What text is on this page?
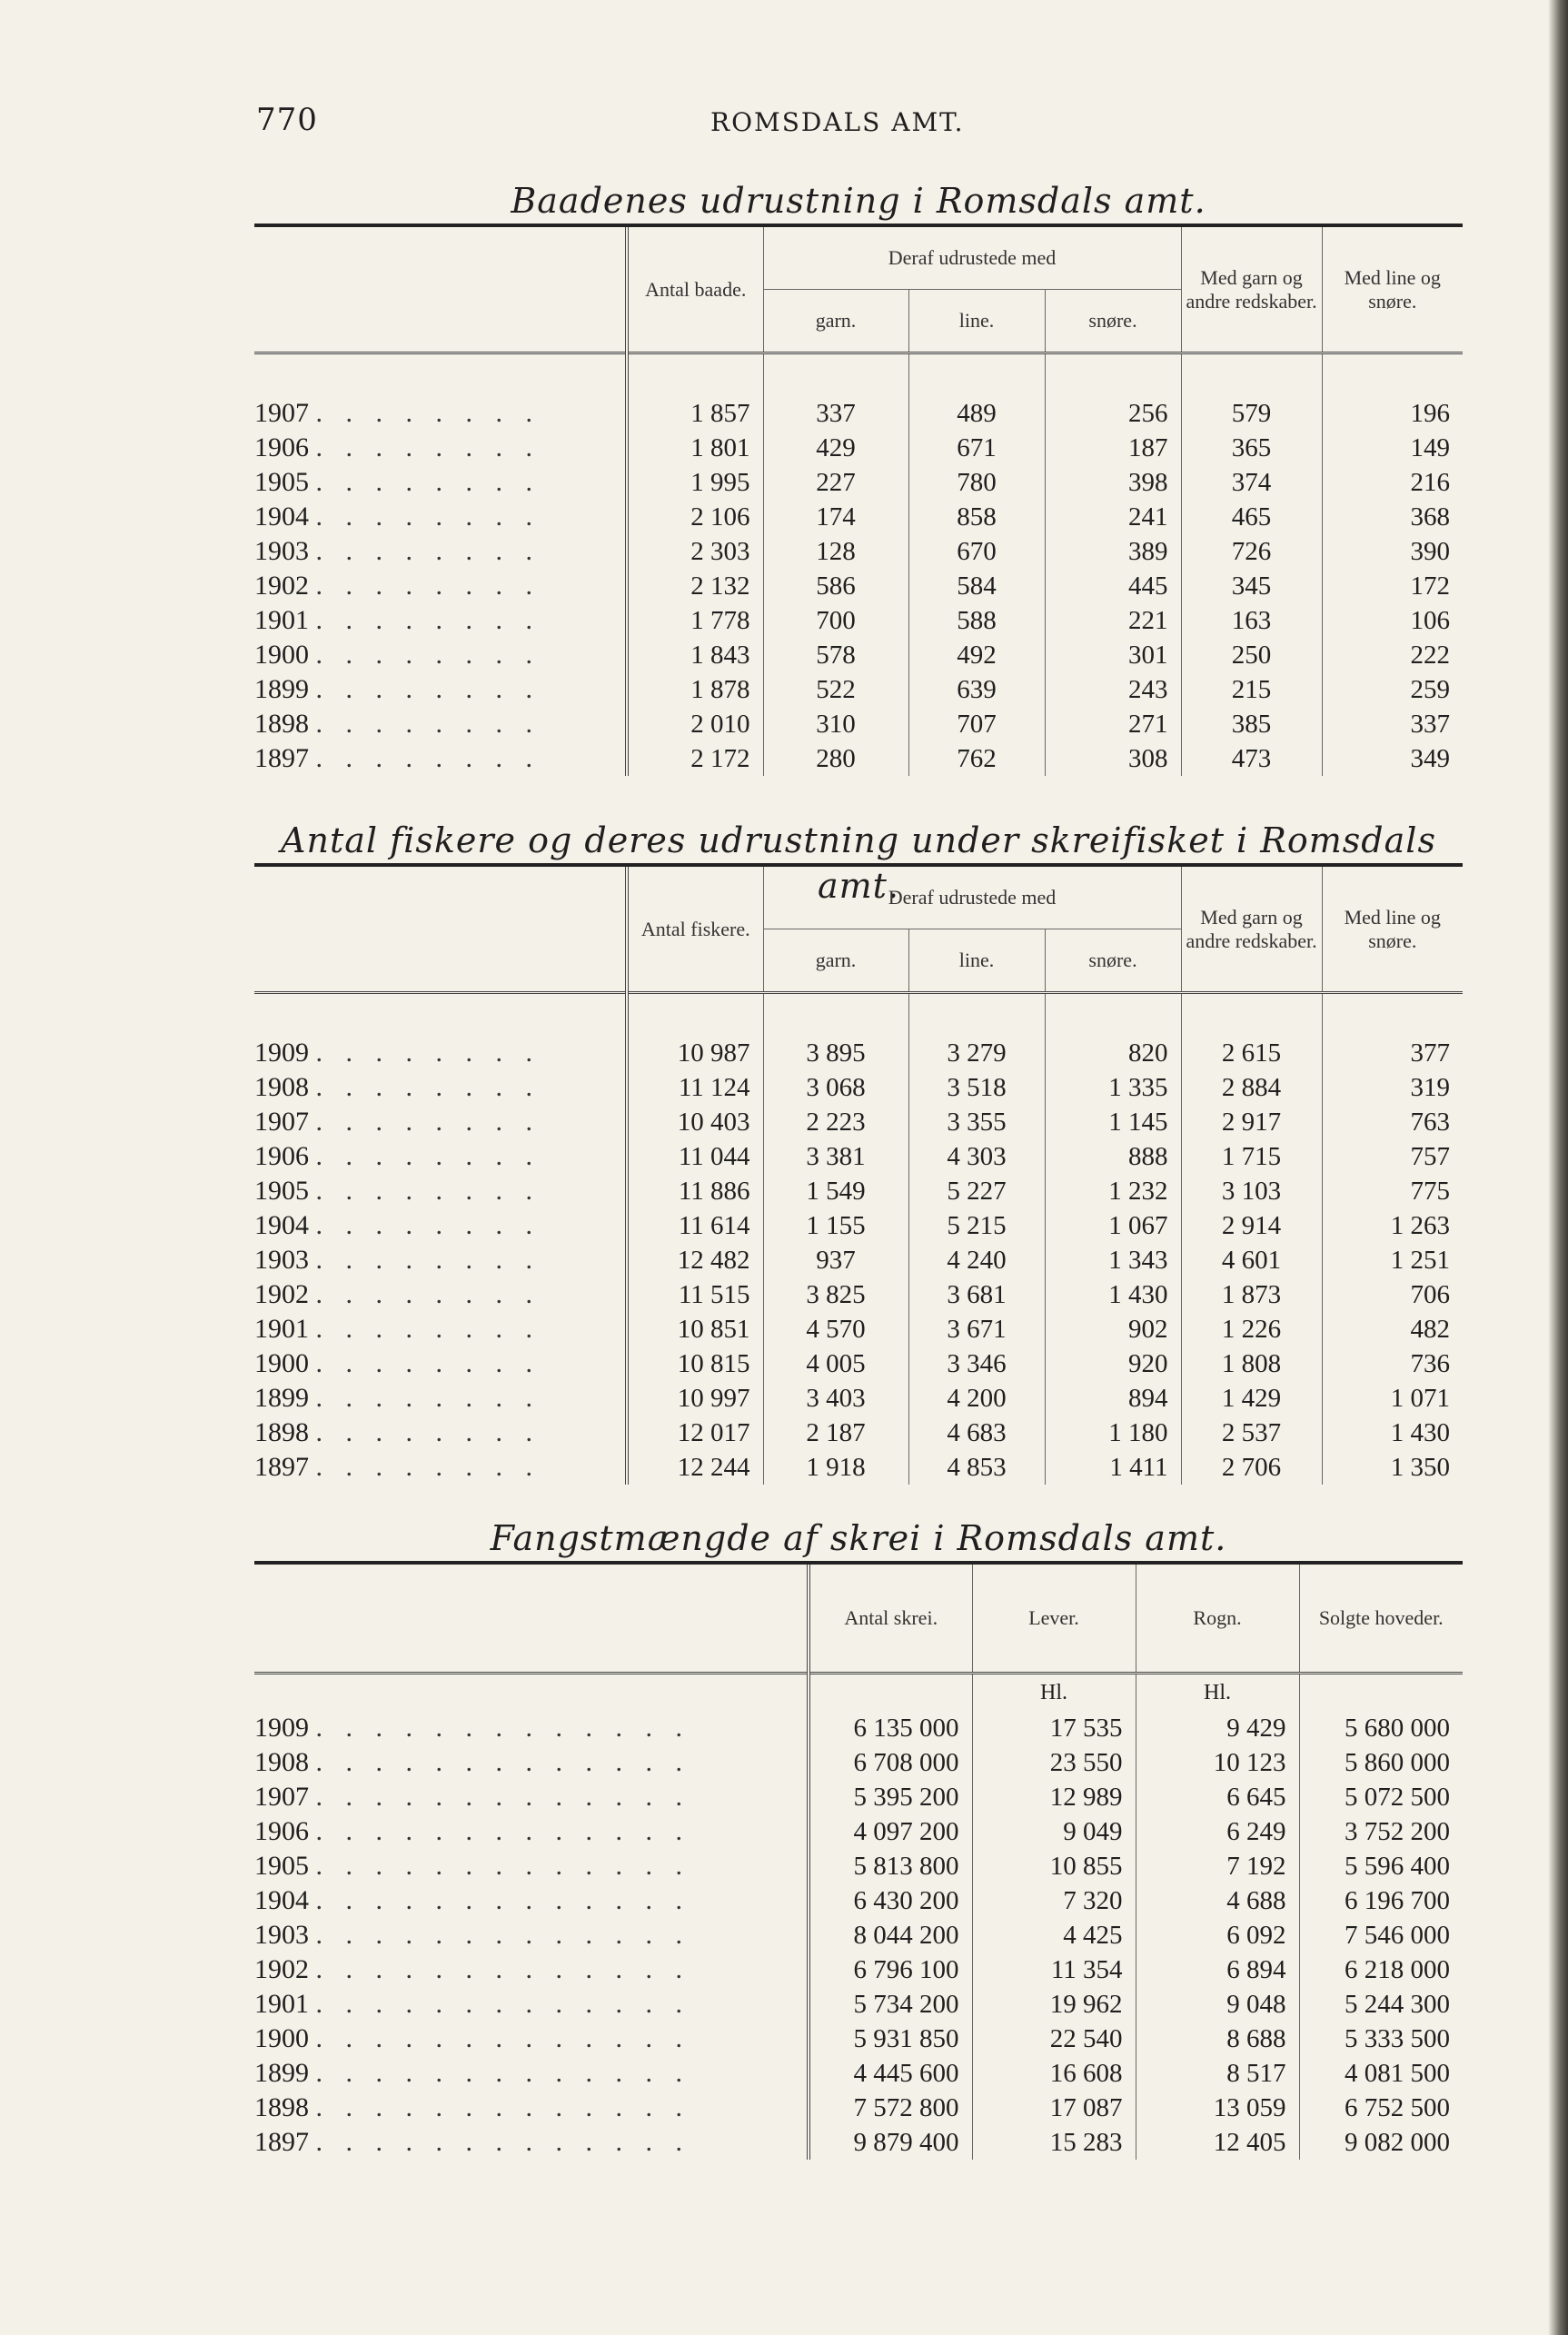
770	ROMSDALS AMT.
Baadenes udrustning i Romsdals amt.
	Antal baade.	Deraf udrustede med			Med garn og andre redskaber.	Med line og snøre.
		garn.	line.	snøre.		

1907 . . . . . . . .	1 857	337	489	256	579	196
1906 . . . . . . . .	1 801	429	671	187	365	149
1905 . . . . . . . .	1 995	227	780	398	374	216
1904 . . . . . . . .	2 106	174	858	241	465	368
1903 . . . . . . . .	2 303	128	670	389	726	390
1902 . . . . . . . .	2 132	586	584	445	345	172
1901 . . . . . . . .	1 778	700	588	221	163	106
1900 . . . . . . . .	1 843	578	492	301	250	222
1899 . . . . . . . .	1 878	522	639	243	215	259
1898 . . . . . . . .	2 010	310	707	271	385	337
1897 . . . . . . . .	2 172	280	762	308	473	349
Antal fiskere og deres udrustning under skreifisket i Romsdals amt.
	Antal fiskere.	Deraf udrustede med			Med garn og andre redskaber.	Med line og snøre.
		garn.	line.	snøre.		

1909 . . . . . . . .	10 987	3 895	3 279	820	2 615	377
1908 . . . . . . . .	11 124	3 068	3 518	1 335	2 884	319
1907 . . . . . . . .	10 403	2 223	3 355	1 145	2 917	763
1906 . . . . . . . .	11 044	3 381	4 303	888	1 715	757
1905 . . . . . . . .	11 886	1 549	5 227	1 232	3 103	775
1904 . . . . . . . .	11 614	1 155	5 215	1 067	2 914	1 263
1903 . . . . . . . .	12 482	937	4 240	1 343	4 601	1 251
1902 . . . . . . . .	11 515	3 825	3 681	1 430	1 873	706
1901 . . . . . . . .	10 851	4 570	3 671	902	1 226	482
1900 . . . . . . . .	10 815	4 005	3 346	920	1 808	736
1899 . . . . . . . .	10 997	3 403	4 200	894	1 429	1 071
1898 . . . . . . . .	12 017	2 187	4 683	1 180	2 537	1 430
1897 . . . . . . . .	12 244	1 918	4 853	1 411	2 706	1 350
Fangstmængde af skrei i Romsdals amt.
	Antal skrei.	Lever.	Rogn.	Solgte hoveder.
		Hl.	Hl.	
1909 . . . . . . . . . . . . .	6 135 000	17 535	9 429	5 680 000
1908 . . . . . . . . . . . . .	6 708 000	23 550	10 123	5 860 000
1907 . . . . . . . . . . . . .	5 395 200	12 989	6 645	5 072 500
1906 . . . . . . . . . . . . .	4 097 200	9 049	6 249	3 752 200
1905 . . . . . . . . . . . . .	5 813 800	10 855	7 192	5 596 400
1904 . . . . . . . . . . . . .	6 430 200	7 320	4 688	6 196 700
1903 . . . . . . . . . . . . .	8 044 200	4 425	6 092	7 546 000
1902 . . . . . . . . . . . . .	6 796 100	11 354	6 894	6 218 000
1901 . . . . . . . . . . . . .	5 734 200	19 962	9 048	5 244 300
1900 . . . . . . . . . . . . .	5 931 850	22 540	8 688	5 333 500
1899 . . . . . . . . . . . . .	4 445 600	16 608	8 517	4 081 500
1898 . . . . . . . . . . . . .	7 572 800	17 087	13 059	6 752 500
1897 . . . . . . . . . . . . .	9 879 400	15 283	12 405	9 082 000
